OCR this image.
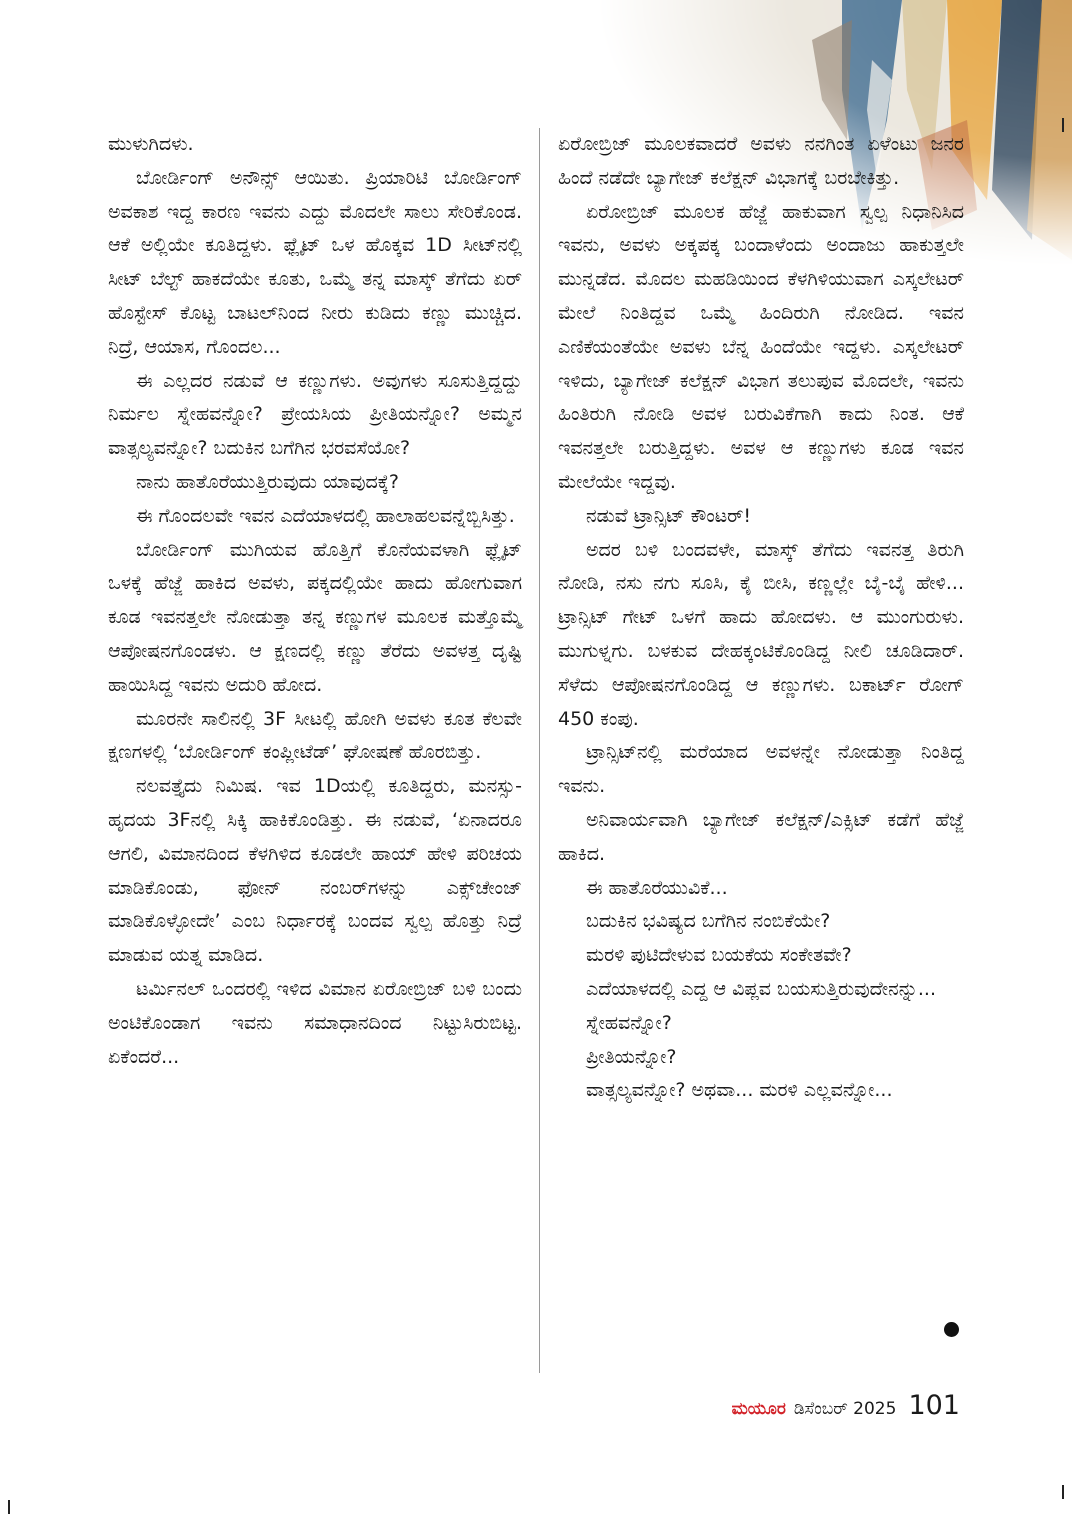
ಮುಳುಗಿದಳು.

ಬೋರ್ಡಿಂಗ್ ಅನೌನ್ಸ್ ಆಯಿತು. ಪ್ರಿಯಾರಿಟಿ ಬೋರ್ಡಿಂಗ್ ಅವಕಾಶ ಇದ್ದ ಕಾರಣ ಇವನು ಎದ್ದು ಮೊದಲೇ ಸಾಲು ಸೇರಿಕೊಂಡ. ಆಕೆ ಅಲ್ಲಿಯೇ ಕೂತಿದ್ದಳು. ಫ್ಲೈಟ್ ಒಳ ಹೊಕ್ಕವ 1D ಸೀಟ್‌ನಲ್ಲಿ ಸೀಟ್ ಬೆಲ್ಟ್ ಹಾಕದೆಯೇ ಕೂತು, ಒಮ್ಮೆ ತನ್ನ ಮಾಸ್ಕ್ ತೆಗೆದು ಏರ್ ಹೊಸ್ಟೇಸ್ ಕೊಟ್ಟ ಬಾಟಲ್‌ನಿಂದ ನೀರು ಕುಡಿದು ಕಣ್ಣು ಮುಚ್ಚಿದ. ನಿದ್ರೆ, ಆಯಾಸ, ಗೊಂದಲ...

ಈ ಎಲ್ಲದರ ನಡುವೆ ಆ ಕಣ್ಣುಗಳು. ಅವುಗಳು ಸೂಸುತ್ತಿದ್ದದ್ದು ನಿರ್ಮಲ ಸ್ನೇಹವನ್ನೋ? ಪ್ರೇಯಸಿಯ ಪ್ರೀತಿಯನ್ನೋ? ಅಮ್ಮನ ವಾತ್ಸಲ್ಯವನ್ನೋ? ಬದುಕಿನ ಬಗೆಗಿನ ಭರವಸೆಯೋ?

ನಾನು ಹಾತೊರೆಯುತ್ತಿರುವುದು ಯಾವುದಕ್ಕೆ?

ಈ ಗೊಂದಲವೇ ಇವನ ಎದೆಯಾಳದಲ್ಲಿ ಹಾಲಾಹಲವನ್ನೆಬ್ಬಿಸಿತ್ತು.

ಬೋರ್ಡಿಂಗ್ ಮುಗಿಯವ ಹೊತ್ತಿಗೆ ಕೊನೆಯವಳಾಗಿ ಫ್ಲೈಟ್ ಒಳಕ್ಕೆ ಹೆಜ್ಜೆ ಹಾಕಿದ ಅವಳು, ಪಕ್ಕದಲ್ಲಿಯೇ ಹಾದು ಹೋಗುವಾಗ ಕೂಡ ಇವನತ್ತಲೇ ನೋಡುತ್ತಾ ತನ್ನ ಕಣ್ಣುಗಳ ಮೂಲಕ ಮತ್ತೊಮ್ಮೆ ಆಪೋಷನಗೊಂಡಳು. ಆ ಕ್ಷಣದಲ್ಲಿ ಕಣ್ಣು ತೆರೆದು ಅವಳತ್ತ ದೃಷ್ಟಿ ಹಾಯಿಸಿದ್ದ ಇವನು ಅದುರಿ ಹೋದ.

ಮೂರನೇ ಸಾಲಿನಲ್ಲಿ 3F ಸೀಟಲ್ಲಿ ಹೋಗಿ ಅವಳು ಕೂತ ಕೆಲವೇ ಕ್ಷಣಗಳಲ್ಲಿ ‘ಬೋರ್ಡಿಂಗ್ ಕಂಪ್ಲೀಟೆಡ್’ ಘೋಷಣೆ ಹೊರಬಿತ್ತು.

ನಲವತ್ತೈದು ನಿಮಿಷ. ಇವ 1Dಯಲ್ಲಿ ಕೂತಿದ್ದರು, ಮನಸ್ಸು- ಹೃದಯ 3Fನಲ್ಲಿ ಸಿಕ್ಕಿ ಹಾಕಿಕೊಂಡಿತ್ತು. ಈ ನಡುವೆ, ‘ಏನಾದರೂ ಆಗಲಿ, ವಿಮಾನದಿಂದ ಕೆಳಗಿಳಿದ ಕೂಡಲೇ ಹಾಯ್ ಹೇಳಿ ಪರಿಚಯ ಮಾಡಿಕೊಂಡು, ಫೋನ್ ನಂಬರ್‌ಗಳನ್ನು ಎಕ್ಸ್‌ಚೇಂಜ್ ಮಾಡಿಕೊಳ್ಳೋದೇ’ ಎಂಬ ನಿರ್ಧಾರಕ್ಕೆ ಬಂದವ ಸ್ವಲ್ಪ ಹೊತ್ತು ನಿದ್ರೆ ಮಾಡುವ ಯತ್ನ ಮಾಡಿದ.

ಟರ್ಮಿನಲ್ ಒಂದರಲ್ಲಿ ಇಳಿದ ವಿಮಾನ ಏರೋಬ್ರಿಜ್ ಬಳಿ ಬಂದು ಅಂಟಿಕೊಂಡಾಗ ಇವನು ಸಮಾಧಾನದಿಂದ ನಿಟ್ಟುಸಿರುಬಿಟ್ಟ. ಏಕೆಂದರೆ...

ಏರೋಬ್ರಿಜ್ ಮೂಲಕವಾದರೆ ಅವಳು ನನಗಿಂತ ಏಳೆಂಟು ಜನರ ಹಿಂದೆ ನಡೆದೇ ಬ್ಯಾಗೇಜ್ ಕಲೆಕ್ಷನ್ ವಿಭಾಗಕ್ಕೆ ಬರಬೇಕಿತ್ತು.

ಏರೋಬ್ರಿಜ್ ಮೂಲಕ ಹೆಜ್ಜೆ ಹಾಕುವಾಗ ಸ್ವಲ್ಪ ನಿಧಾನಿಸಿದ ಇವನು, ಅವಳು ಅಕ್ಕಪಕ್ಕ ಬಂದಾಳೆಂದು ಅಂದಾಜು ಹಾಕುತ್ತಲೇ ಮುನ್ನಡೆದ. ಮೊದಲ ಮಹಡಿಯಿಂದ ಕೆಳಗಿಳಿಯುವಾಗ ಎಸ್ಕಲೇಟರ್ ಮೇಲೆ ನಿಂತಿದ್ದವ ಒಮ್ಮೆ ಹಿಂದಿರುಗಿ ನೋಡಿದ. ಇವನ ಎಣಿಕೆಯಂತೆಯೇ ಅವಳು ಬೆನ್ನ ಹಿಂದೆಯೇ ಇದ್ದಳು. ಎಸ್ಕಲೇಟರ್ ಇಳಿದು, ಬ್ಯಾಗೇಜ್ ಕಲೆಕ್ಷನ್ ವಿಭಾಗ ತಲುಪುವ ಮೊದಲೇ, ಇವನು ಹಿಂತಿರುಗಿ ನೋಡಿ ಅವಳ ಬರುವಿಕೆಗಾಗಿ ಕಾದು ನಿಂತ. ಆಕೆ ಇವನತ್ತಲೇ ಬರುತ್ತಿದ್ದಳು. ಅವಳ ಆ ಕಣ್ಣುಗಳು ಕೂಡ ಇವನ ಮೇಲೆಯೇ ಇದ್ದವು.

ನಡುವೆ ಟ್ರಾನ್ಸಿಟ್ ಕೌಂಟರ್!

ಅದರ ಬಳಿ ಬಂದವಳೇ, ಮಾಸ್ಕ್ ತೆಗೆದು ಇವನತ್ತ ತಿರುಗಿ ನೋಡಿ, ನಸು ನಗು ಸೂಸಿ, ಕೈ ಬೀಸಿ, ಕಣ್ಣಲ್ಲೇ ಬೈ-ಬೈ ಹೇಳಿ... ಟ್ರಾನ್ಸಿಟ್ ಗೇಟ್ ಒಳಗೆ ಹಾದು ಹೋದಳು. ಆ ಮುಂಗುರುಳು. ಮುಗುಳ್ನಗು. ಬಳಕುವ ದೇಹಕ್ಕಂಟಿಕೊಂಡಿದ್ದ ನೀಲಿ ಚೂಡಿದಾರ್. ಸೆಳೆದು ಆಪೋಷನಗೊಂಡಿದ್ದ ಆ ಕಣ್ಣುಗಳು. ಬಕಾರ್ಟ್ ರೋಗ್ 450 ಕಂಪು.

ಟ್ರಾನ್ಸಿಟ್‌ನಲ್ಲಿ ಮರೆಯಾದ ಅವಳನ್ನೇ ನೋಡುತ್ತಾ ನಿಂತಿದ್ದ ಇವನು.

ಅನಿವಾರ್ಯವಾಗಿ ಬ್ಯಾಗೇಜ್ ಕಲೆಕ್ಷನ್/ಎಕ್ಸಿಟ್ ಕಡೆಗೆ ಹೆಜ್ಜೆ ಹಾಕಿದ.

ಈ ಹಾತೊರೆಯುವಿಕೆ...

ಬದುಕಿನ ಭವಿಷ್ಯದ ಬಗೆಗಿನ ನಂಬಿಕೆಯೇ?

ಮರಳಿ ಪುಟಿದೇಳುವ ಬಯಕೆಯ ಸಂಕೇತವೇ?

ಎದೆಯಾಳದಲ್ಲಿ ಎದ್ದ ಆ ವಿಪ್ಲವ ಬಯಸುತ್ತಿರುವುದೇನನ್ನು...

ಸ್ನೇಹವನ್ನೋ?

ಪ್ರೀತಿಯನ್ನೋ?

ವಾತ್ಸಲ್ಯವನ್ನೋ? ಅಥವಾ... ಮರಳಿ ಎಲ್ಲವನ್ನೋ...

ಮಯೂರ ಡಿಸೆಂಬರ್ 2025 101
